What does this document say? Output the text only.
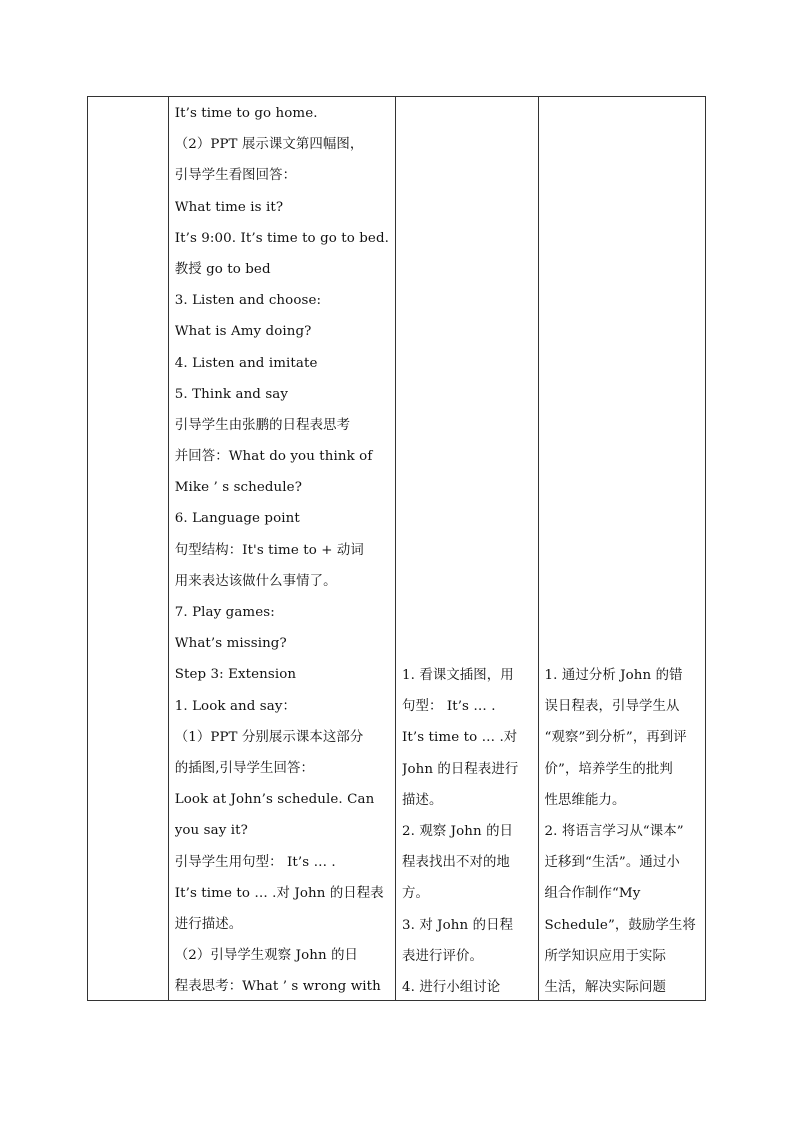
It’s time to go home.
（2）PPT 展示课文第四幅图，
引导学生看图回答：
What time is it?
It’s 9:00. It’s time to go to bed.
教授 go to bed
3. Listen and choose:
What is Amy doing?
4. Listen and imitate
5. Think and say
引导学生由张鹏的日程表思考
并回答：What do you think of
Mike ’ s schedule?
6. Language point
句型结构：It's time to + 动词
用来表达该做什么事情了。
7. Play games:
What’s missing?
Step 3: Extension
1. Look and say：
（1）PPT 分别展示课本这部分
的插图,引导学生回答：
Look at John’s schedule. Can
you say it?
引导学生用句型： It’s … .
It’s time to … .对 John 的日程表
进行描述。
（2）引导学生观察 John 的日
程表思考：What ’ s wrong with
1. 看课文插图，用
句型： It’s … .
It’s time to … .对
John 的日程表进行
描述。
2. 观察 John 的日
程表找出不对的地
方。
3. 对 John 的日程
表进行评价。
4. 进行小组讨论
1. 通过分析 John 的错
误日程表，引导学生从
“观察”到分析”，再到评
价”，培养学生的批判
性思维能力。
2. 将语言学习从“课本”
迁移到“生活”。通过小
组合作制作“My
Schedule”，鼓励学生将
所学知识应用于实际
生活，解决实际问题
